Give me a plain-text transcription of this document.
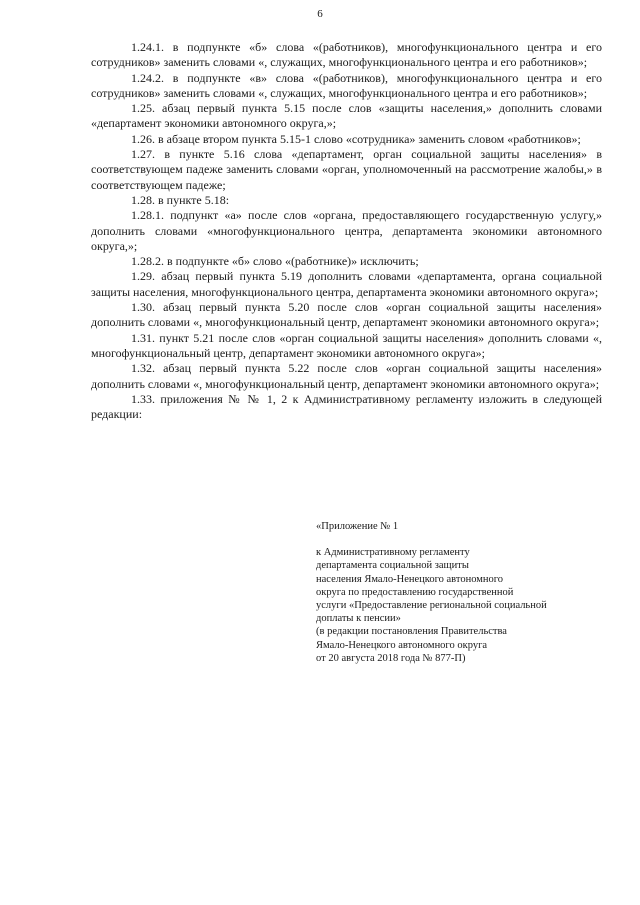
6

1.24.1. в подпункте «б» слова «(работников), многофункционального центра и его сотрудников» заменить словами «, служащих, многофункционального центра и его работников»;

1.24.2. в подпункте «в» слова «(работников), многофункционального центра и его сотрудников» заменить словами «, служащих, многофункционального центра и его работников»;

1.25. абзац первый пункта 5.15 после слов «защиты населения,» дополнить словами «департамент экономики автономного округа,»;

1.26. в абзаце втором пункта 5.15-1 слово «сотрудника» заменить словом «работников»;

1.27. в пункте 5.16 слова «департамент, орган социальной защиты населения» в соответствующем падеже заменить словами «орган, уполномоченный на рассмотрение жалобы,» в соответствующем падеже;

1.28. в пункте 5.18:

1.28.1. подпункт «а» после слов «органа, предоставляющего государственную услугу,» дополнить словами «многофункционального центра, департамента экономики автономного округа,»;

1.28.2. в подпункте «б» слово «(работнике)» исключить;

1.29. абзац первый пункта 5.19 дополнить словами «департамента, органа социальной защиты населения, многофункционального центра, департамента экономики автономного округа»;

1.30. абзац первый пункта 5.20 после слов «орган социальной защиты населения» дополнить словами «, многофункциональный центр, департамент экономики автономного округа»;

1.31. пункт 5.21 после слов «орган социальной защиты населения» дополнить словами «, многофункциональный центр, департамент экономики автономного округа»;

1.32. абзац первый пункта 5.22 после слов «орган социальной защиты населения» дополнить словами «, многофункциональный центр, департамент экономики автономного округа»;

1.33. приложения № № 1, 2 к Административному регламенту изложить в следующей редакции:

«Приложение № 1
к Административному регламенту
департамента социальной защиты
населения Ямало-Ненецкого автономного
округа по предоставлению государственной
услуги «Предоставление региональной социальной
доплаты к пенсии»
(в редакции постановления Правительства
Ямало-Ненецкого автономного округа
от 20 августа 2018 года № 877-П)
